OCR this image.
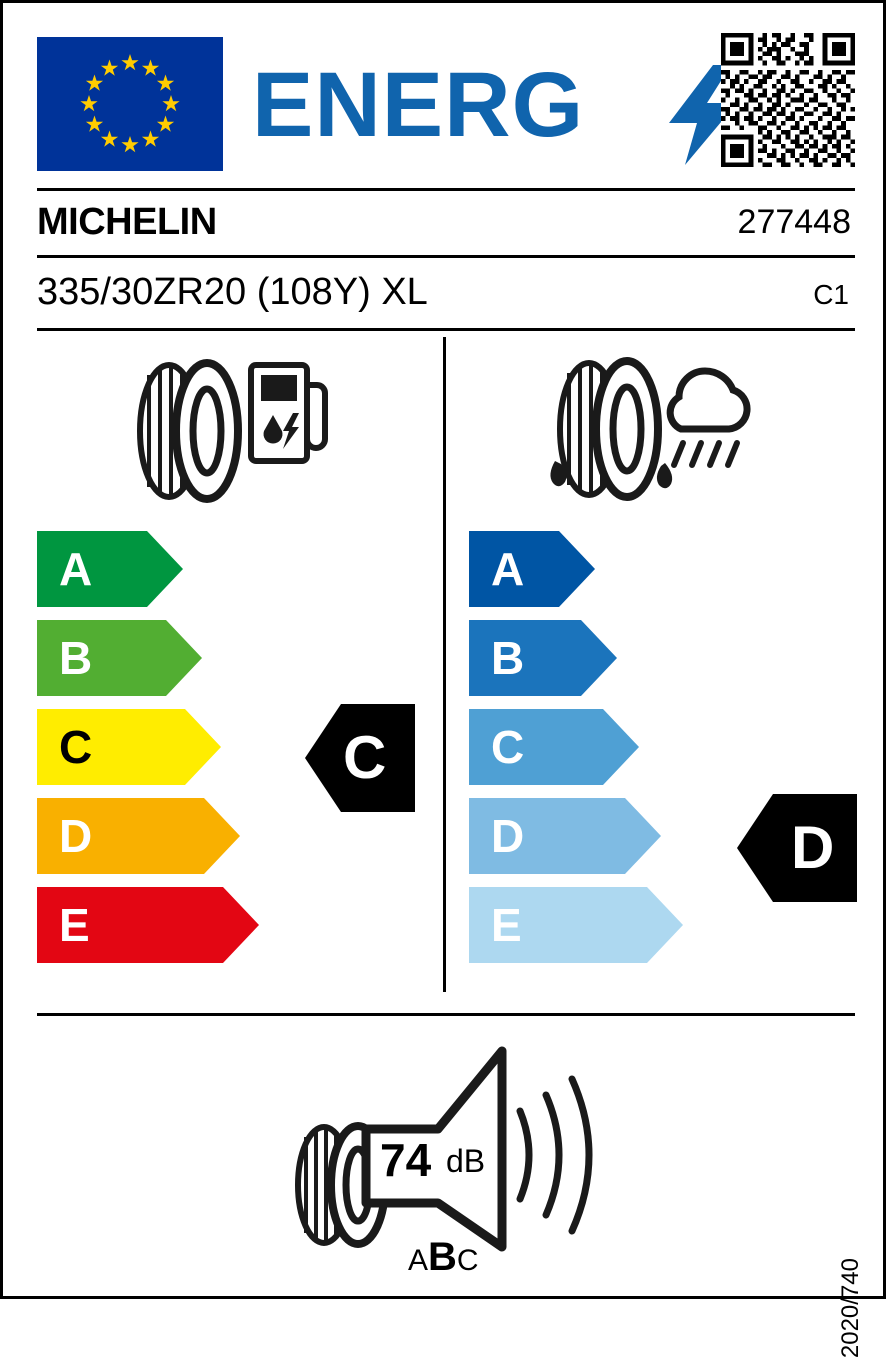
ENERG
MICHELIN	277448
335/30ZR20 (108Y) XL	C1
A
B
C
D
E
A
B
C
D
E
C
D
74 dB
ABC	2020/740
